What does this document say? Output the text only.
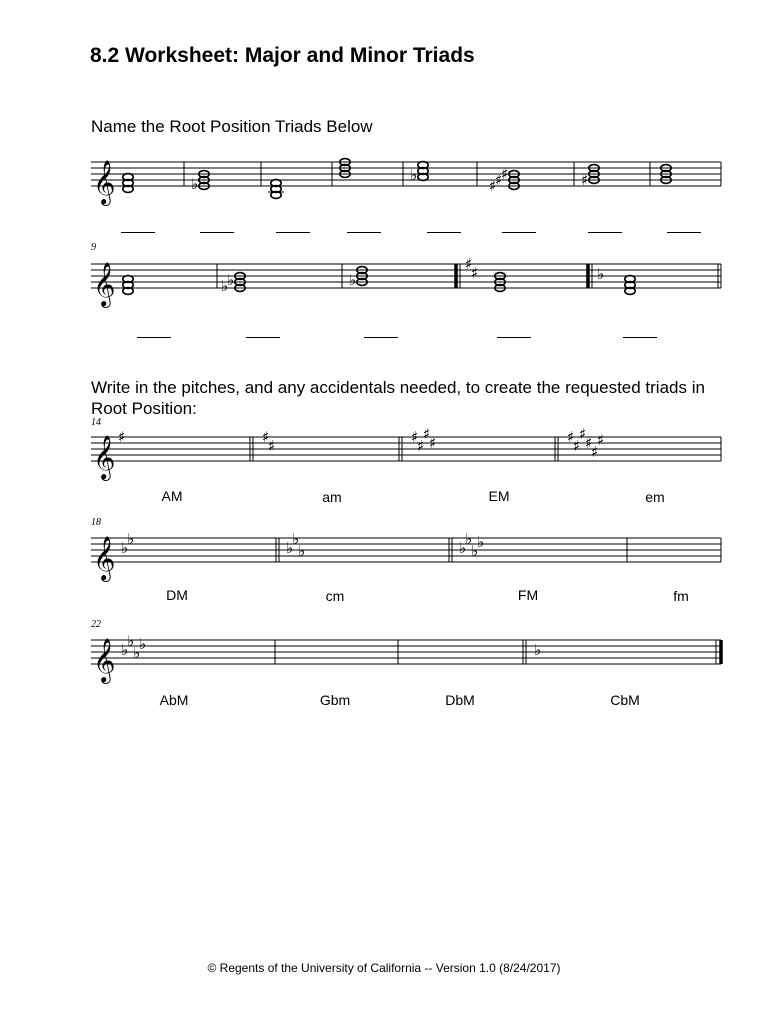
8.2 Worksheet: Major and Minor Triads

Name the Root Position Triads Below

𝄞	♭	♭
♯
♯
♯	♯
9
𝄞	♯
♯	♭
♭
♭	♭

Write in the pitches, and any accidentals needed, to create the requested triads in Root Position:

14
𝄞 ♯	♯
♯	♯
♯
♯
♯	♯
♯
♯
♯
♯
♯
AM	am	EM	em
18
𝄞 ♭
♭	♭
♭
♭	♭
♭
♭
♭
DM	cm	FM	fm
22
𝄞 ♭
♭
♭
♭	♭
AbM	Gbm	DbM	CbM
© Regents of the University of California -- Version 1.0 (8/24/2017)
